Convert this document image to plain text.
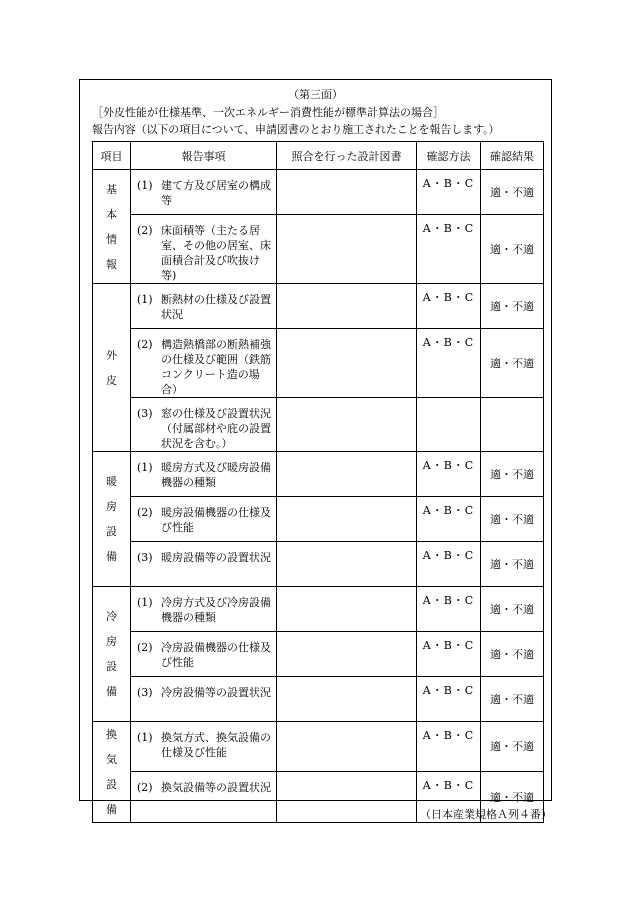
（第三面）
［外皮性能が仕様基準、一次エネルギー消費性能が標準計算法の場合］
報告内容（以下の項目について、申請図書のとおり施工されたことを報告します。）
項目	報告事項	照合を行った設計図書	確認方法	確認結果

基
本
情
報	(1) 建て方及び居室の構成等		A・B・C	適・不適

	(2) 床面積等（主たる居室、その他の居室、床面積合計及び吹抜け等)		A・B・C	適・不適

外
皮	(1) 断熱材の仕様及び設置状況		A・B・C	適・不適

	(2) 構造熱橋部の断熱補強の仕様及び範囲（鉄筋コンクリート造の場合）		A・B・C	適・不適

	(3) 窓の仕様及び設置状況（付属部材や庇の設置状況を含む。）			

暖
房
設
備	(1) 暖房方式及び暖房設備機器の種類		A・B・C	適・不適

	(2) 暖房設備機器の仕様及び性能		A・B・C	適・不適

	(3) 暖房設備等の設置状況		A・B・C	適・不適

冷
房
設
備	(1) 冷房方式及び冷房設備機器の種類		A・B・C	適・不適

	(2) 冷房設備機器の仕様及び性能		A・B・C	適・不適

	(3) 冷房設備等の設置状況		A・B・C	適・不適

換
気
設
備	(1) 換気方式、換気設備の仕様及び性能		A・B・C	適・不適

	(2) 換気設備等の設置状況		A・B・C	適・不適
（日本産業規格Ａ列４番）
